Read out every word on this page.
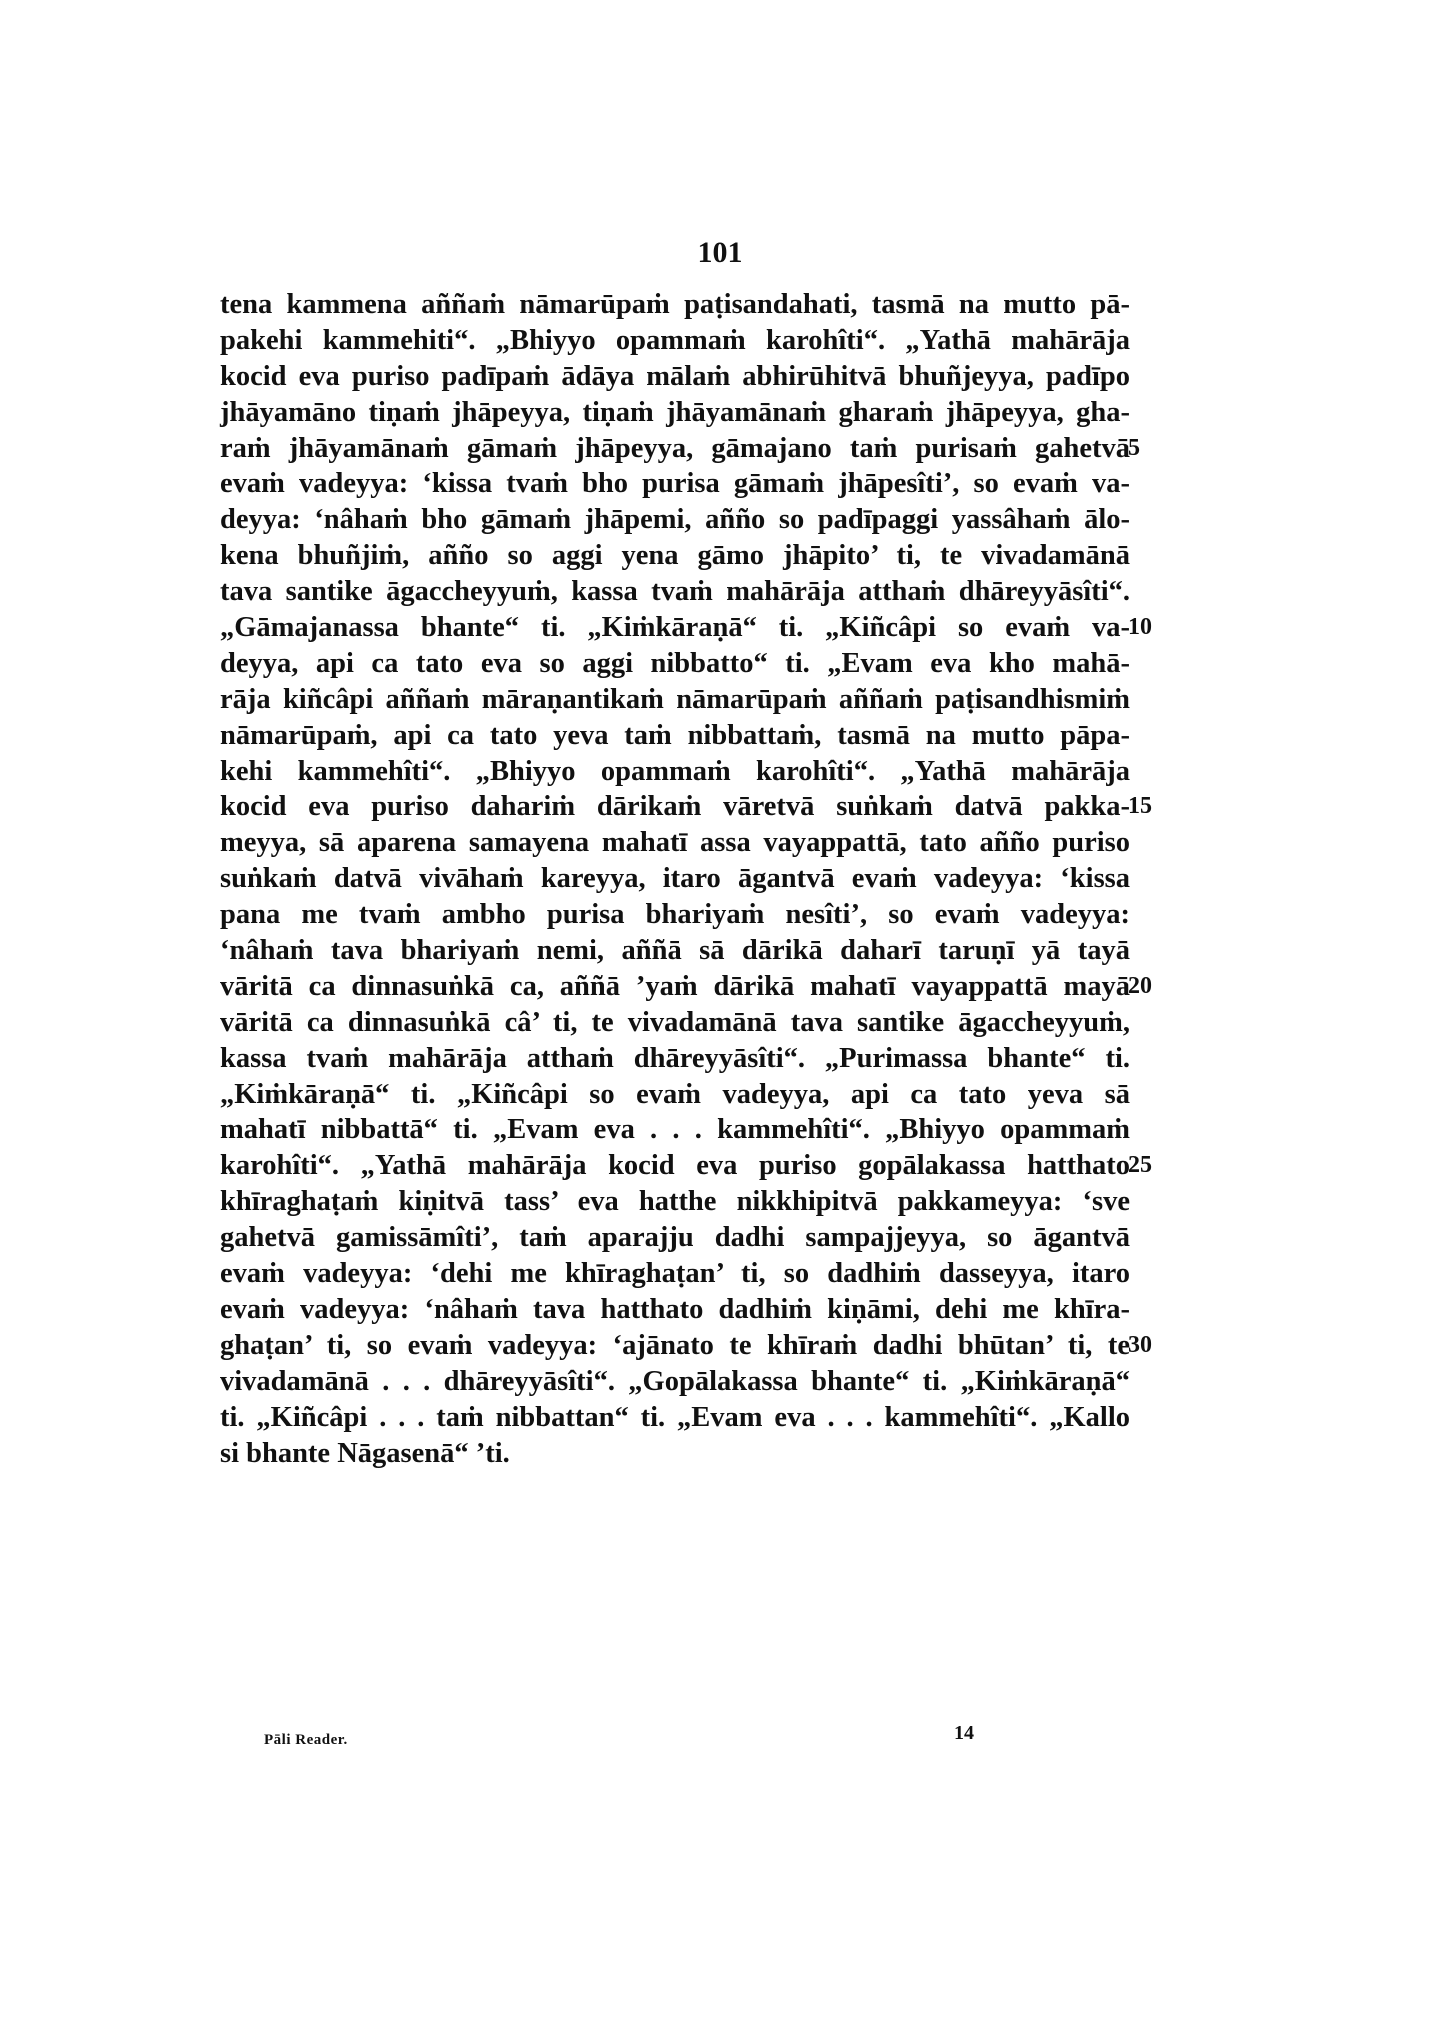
101
tena kammena aññaṁ nāmarūpaṁ paṭisandahati, tasmā na mutto pā-
pakehi kammehiti“. „Bhiyyo opammaṁ karohîti“. „Yathā mahārāja
kocid eva puriso padīpaṁ ādāya mālaṁ abhirūhitvā bhuñjeyya, padīpo
jhāyamāno tiṇaṁ jhāpeyya, tiṇaṁ jhāyamānaṁ gharaṁ jhāpeyya, gha-
raṁ jhāyamānaṁ gāmaṁ jhāpeyya, gāmajano taṁ purisaṁ gahetvā
5
evaṁ vadeyya: ‘kissa tvaṁ bho purisa gāmaṁ jhāpesîti’, so evaṁ va-
deyya: ‘nâhaṁ bho gāmaṁ jhāpemi, añño so padīpaggi yassâhaṁ ālo-
kena bhuñjiṁ, añño so aggi yena gāmo jhāpito’ ti, te vivadamānā
tava santike āgaccheyyuṁ, kassa tvaṁ mahārāja atthaṁ dhāreyyāsîti“.
„Gāmajanassa bhante“ ti. „Kiṁkāraṇā“ ti. „Kiñcâpi so evaṁ va-
10
deyya, api ca tato eva so aggi nibbatto“ ti. „Evam eva kho mahā-
rāja kiñcâpi aññaṁ māraṇantikaṁ nāmarūpaṁ aññaṁ paṭisandhismiṁ
nāmarūpaṁ, api ca tato yeva taṁ nibbattaṁ, tasmā na mutto pāpa-
kehi kammehîti“. „Bhiyyo opammaṁ karohîti“. „Yathā mahārāja
kocid eva puriso dahariṁ dārikaṁ vāretvā suṅkaṁ datvā pakka-
15
meyya, sā aparena samayena mahatī assa vayappattā, tato añño puriso
suṅkaṁ datvā vivāhaṁ kareyya, itaro āgantvā evaṁ vadeyya: ‘kissa
pana me tvaṁ ambho purisa bhariyaṁ nesîti’, so evaṁ vadeyya:
‘nâhaṁ tava bhariyaṁ nemi, aññā sā dārikā daharī taruṇī yā tayā
vāritā ca dinnasuṅkā ca, aññā ’yaṁ dārikā mahatī vayappattā mayā
20
vāritā ca dinnasuṅkā câ’ ti, te vivadamānā tava santike āgaccheyyuṁ,
kassa tvaṁ mahārāja atthaṁ dhāreyyāsîti“. „Purimassa bhante“ ti.
„Kiṁkāraṇā“ ti. „Kiñcâpi so evaṁ vadeyya, api ca tato yeva sā
mahatī nibbattā“ ti. „Evam eva . . . kammehîti“. „Bhiyyo opammaṁ
karohîti“. „Yathā mahārāja kocid eva puriso gopālakassa hatthato
25
khīraghaṭaṁ kiṇitvā tass’ eva hatthe nikkhipitvā pakkameyya: ‘sve
gahetvā gamissāmîti’, taṁ aparajju dadhi sampajjeyya, so āgantvā
evaṁ vadeyya: ‘dehi me khīraghaṭan’ ti, so dadhiṁ dasseyya, itaro
evaṁ vadeyya: ‘nâhaṁ tava hatthato dadhiṁ kiṇāmi, dehi me khīra-
ghaṭan’ ti, so evaṁ vadeyya: ‘ajānato te khīraṁ dadhi bhūtan’ ti, te
30
vivadamānā . . . dhāreyyāsîti“. „Gopālakassa bhante“ ti. „Kiṁkāraṇā“
ti. „Kiñcâpi . . . taṁ nibbattan“ ti. „Evam eva . . . kammehîti“. „Kallo
si bhante Nāgasenā“ ’ti.
Pāli Reader.	14
